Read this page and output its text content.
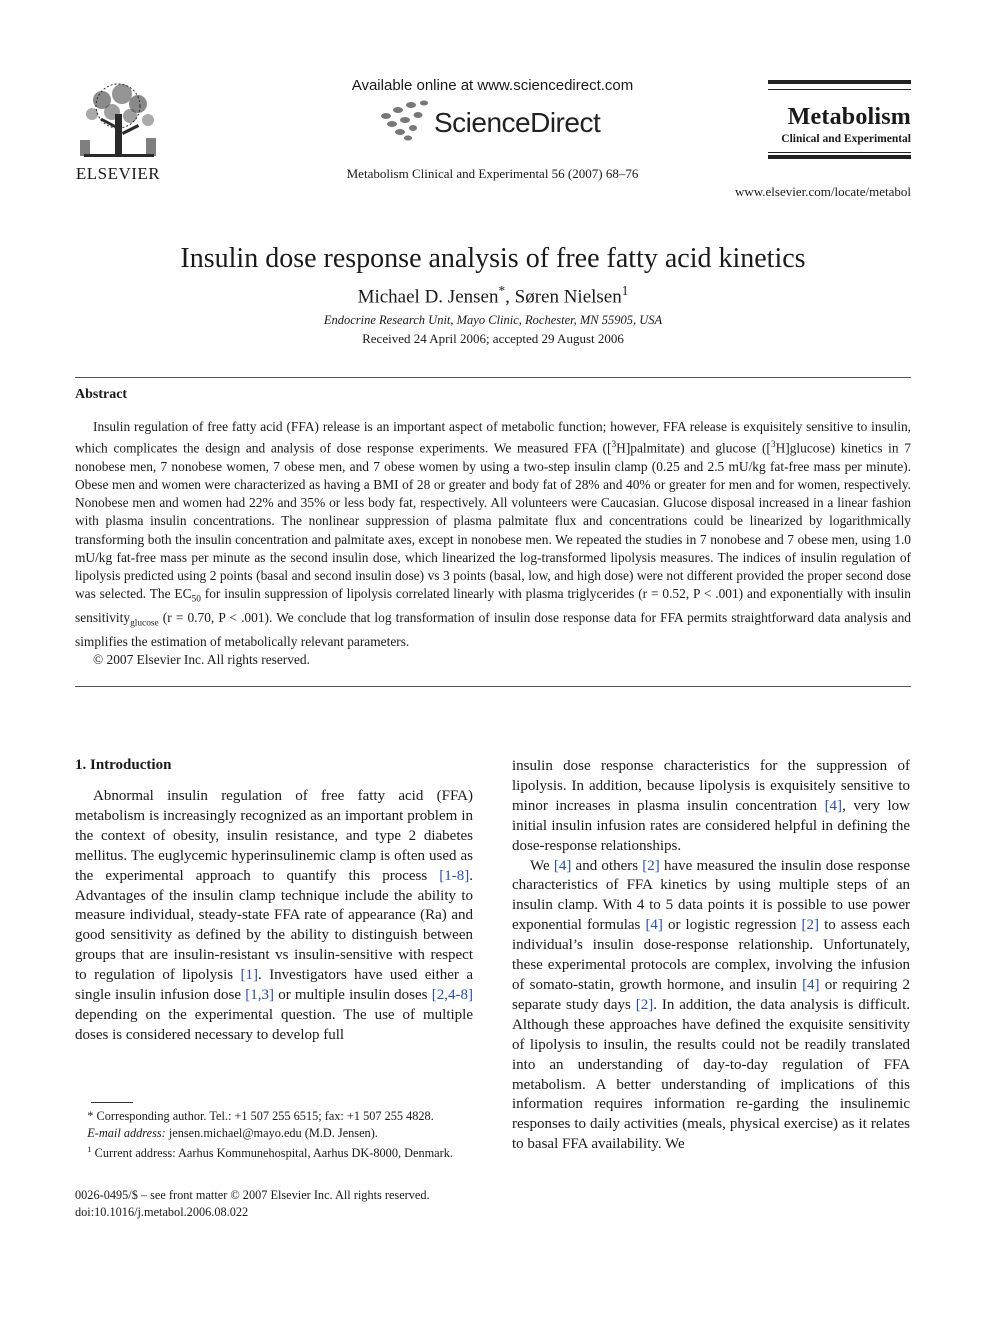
ELSEVIER
Available online at www.sciencedirect.com
ScienceDirect
Metabolism Clinical and Experimental 56 (2007) 68–76
Metabolism
Clinical and Experimental
www.elsevier.com/locate/metabol
Insulin dose response analysis of free fatty acid kinetics
Michael D. Jensen*, Søren Nielsen$^1$
Endocrine Research Unit, Mayo Clinic, Rochester, MN 55905, USA
Received 24 April 2006; accepted 29 August 2006
Abstract

Insulin regulation of free fatty acid (FFA) release is an important aspect of metabolic function; however, FFA release is exquisitely sensitive to insulin, which complicates the design and analysis of dose response experiments. We measured FFA ([$^3$H]palmitate) and glucose ([$^3$H]glucose) kinetics in 7 nonobese men, 7 nonobese women, 7 obese men, and 7 obese women by using a two-step insulin clamp (0.25 and 2.5 mU/kg fat-free mass per minute). Obese men and women were characterized as having a BMI of 28 or greater and body fat of 28% and 40% or greater for men and for women, respectively. Nonobese men and women had 22% and 35% or less body fat, respectively. All volunteers were Caucasian. Glucose disposal increased in a linear fashion with plasma insulin concentrations. The nonlinear suppression of plasma palmitate flux and concentrations could be linearized by logarithmically transforming both the insulin concentration and palmitate axes, except in nonobese men. We repeated the studies in 7 nonobese and 7 obese men, using 1.0 mU/kg fat-free mass per minute as the second insulin dose, which linearized the log-transformed lipolysis measures. The indices of insulin regulation of lipolysis predicted using 2 points (basal and second insulin dose) vs 3 points (basal, low, and high dose) were not different provided the proper second dose was selected. The $EC_{50}$ for insulin suppression of lipolysis correlated linearly with plasma triglycerides (r = 0.52, P < .001) and exponentially with insulin sensitivity$_{glucose}$ (r = 0.70, P < .001). We conclude that log transformation of insulin dose response data for FFA permits straightforward data analysis and simplifies the estimation of metabolically relevant parameters.

© 2007 Elsevier Inc. All rights reserved.

1. Introduction

Abnormal insulin regulation of free fatty acid (FFA) metabolism is increasingly recognized as an important problem in the context of obesity, insulin resistance, and type 2 diabetes mellitus. The euglycemic hyperinsulinemic clamp is often used as the experimental approach to quantify this process [1-8]. Advantages of the insulin clamp technique include the ability to measure individual, steady-state FFA rate of appearance (Ra) and good sensitivity as defined by the ability to distinguish between groups that are insulin-resistant vs insulin-sensitive with respect to regulation of lipolysis [1]. Investigators have used either a single insulin infusion dose [1,3] or multiple insulin doses [2,4-8] depending on the experimental question. The use of multiple doses is considered necessary to develop full

insulin dose response characteristics for the suppression of lipolysis. In addition, because lipolysis is exquisitely sensitive to minor increases in plasma insulin concentration [4], very low initial insulin infusion rates are considered helpful in defining the dose-response relationships.

We [4] and others [2] have measured the insulin dose response characteristics of FFA kinetics by using multiple steps of an insulin clamp. With 4 to 5 data points it is possible to use power exponential formulas [4] or logistic regression [2] to assess each individual’s insulin dose-response relationship. Unfortunately, these experimental protocols are complex, involving the infusion of somato-statin, growth hormone, and insulin [4] or requiring 2 separate study days [2]. In addition, the data analysis is difficult. Although these approaches have defined the exquisite sensitivity of lipolysis to insulin, the results could not be readily translated into an understanding of day-to-day regulation of FFA metabolism. A better understanding of implications of this information requires information re-garding the insulinemic responses to daily activities (meals, physical exercise) as it relates to basal FFA availability. We

* Corresponding author. Tel.: +1 507 255 6515; fax: +1 507 255 4828.

E-mail address: jensen.michael@mayo.edu (M.D. Jensen).

$^1$ Current address: Aarhus Kommunehospital, Aarhus DK-8000, Denmark.

0026-0495/$ – see front matter © 2007 Elsevier Inc. All rights reserved.
doi:10.1016/j.metabol.2006.08.022
